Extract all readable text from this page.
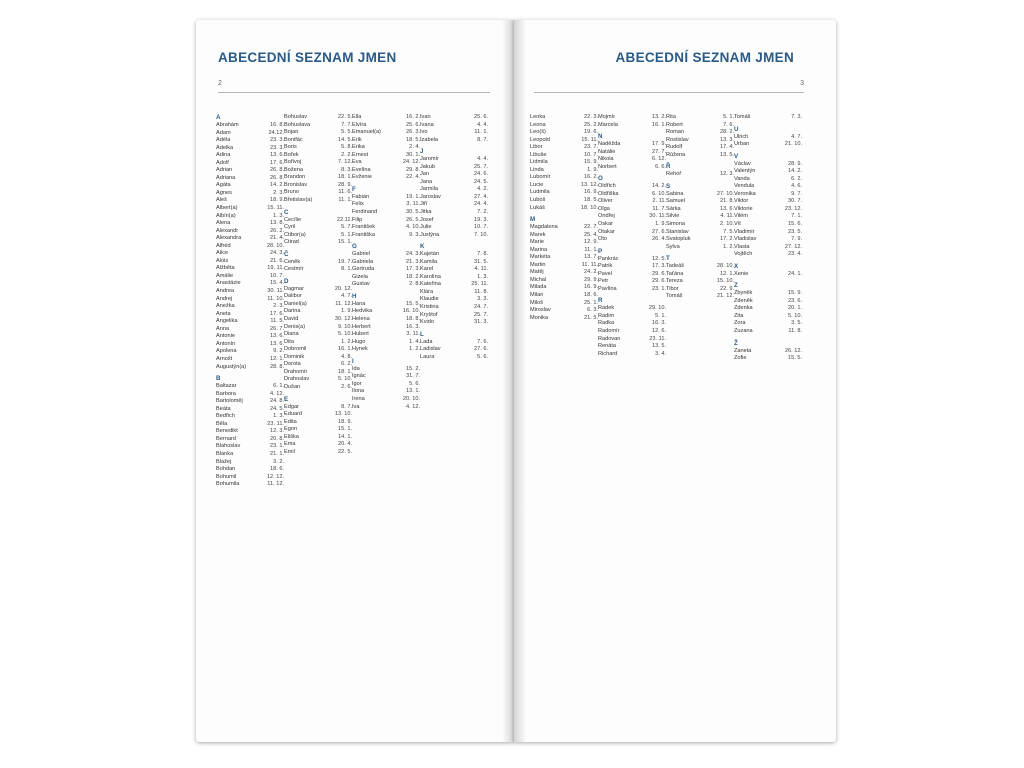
ABECEDNÍ SEZNAM JMEN
2
A
Abrahám	16. 8.
Adam	24.12.
Adéla	23. 3.
Adelka	23. 3.
Adina	13. 6.
Adolf	17. 6.
Adrian	26. 8.
Adriana	26. 8.
Agáta	14. 2.
Agnes	2. 3.
Aleš	18. 9.
Albert(a)	15. 11.
Albín(a)	1. 3.
Alena	13. 8.
Alexandr	26. 2.
Alexandra	21. 4.
Alfréd	28. 10.
Alice	24. 3.
Alois	21. 6.
Alžběta	19. 11.
Amálie	10. 7.
Anastázie	15. 4.
Andrea	30. 11.
Andrej	11. 10.
Anežka	2. 3.
Aneta	17. 6.
Angelika	11. 5.
Anna	26. 7.
Antonie	13. 6.
Antonín	13. 6.
Apolena	9. 2.
Arnošt	12. 1.
Augustýn(a)	28. 8.
B
Baltazar	6. 1.
Barbora	4. 12.
Bartoloměj	24. 8.
Beáta	24. 5.
Bedřich	1. 3.
Běla	23. 11.
Benedikt	12. 3.
Bernard	20. 8.
Blahoslav	23. 1.
Blanka	21. 1.
Blažej	3. 2.
Bohdan	18. 6.
Bohumil	12. 12.
Bohumila	11. 12.
Bohuslav	22. 5.
Bohuslava	7. 7.
Bojan	5. 5.
Bonifác	14. 5.
Boris	5. 8.
Bořek	2. 2.
Bořivoj	7. 12.
Božena	8. 3.
Brandon	18. 1.
Bronislav	28. 9.
Bruno	11. 6.
Břetislav(a)	11. 1.
C
Cecílie	22.11.
Cyril	5. 7.
Ctibor(a)	5. 1.
Ctirad	15. 1.
Č
Čeněk	19. 7.
Čestmír	8. 1.
D
Dagmar	20. 12.
Dalibor	4. 7.
Daniel(a)	11. 12.
Darina	1. 9.
David	30. 12.
Denis(a)	9. 10.
Diana	5. 10.
Dita	1. 2.
Dobromil	16. 1.
Dominik	4. 8.
Dorota	6. 2.
Drahomír	18. 1.
Drahoslav	5. 10.
Dušan	2. 6.
E
Edgar	8. 7.
Eduard	13. 10.
Edita	18. 9.
Egon	15. 1.
Eliška	14. 1.
Ema	20. 4.
Emil	22. 5.
Ella	16. 2.
Elvíra	25. 6.
Emanuel(a)	26. 3.
Erik	18. 5.
Erika	2. 4.
Ernest	30. 1.
Eva	24. 12.
Evelína	29. 8.
Evženie	22. 4.
F
Fabián	19. 1.
Felix	3. 11.
Ferdinand	30. 5.
Filip	26. 5.
František	4. 10.
Františka	9. 3.
G
Gabriel	24. 3.
Gabriela	21. 3.
Gertruda	17. 3.
Gizela	18. 2.
Gustav	2. 8.
H
Hana	15. 5.
Hedvika	16. 10.
Helena	18. 8.
Herbert	16. 3.
Hubert	3. 11.
Hugo	1. 4.
Hynek	1. 2.
I
Ida	15. 2.
Ignác	31. 7.
Igor	5. 6.
Ilona	13. 1.
Irena	20. 10.
Iva	4. 12.
Ivan	25. 6.
Ivana	4. 4.
Ivo	11. 1.
Izabela	8. 7.
J
Jaromír	4. 4.
Jakub	25. 7.
Jan	24. 6.
Jana	24. 5.
Jarmila	4. 2.
Jaroslav	27. 4.
Jiří	24. 4.
Jitka	7. 2.
Josef	19. 3.
Julie	10. 7.
Justýna	7. 10.
K
Kajetán	7. 8.
Kamila	31. 5.
Karel	4. 11.
Karolína	1. 3.
Kateřina	25. 11.
Klára	11. 8.
Klaudie	3. 3.
Kristina	24. 7.
Kryštof	25. 7.
Kvido	31. 3.
L
Lada	7. 6.
Ladislav	27. 6.
Laura	5. 6.
ABECEDNÍ SEZNAM JMEN
3
Lenka	22. 3.
Leona	25. 2.
Leo(š)	19. 6.
Leopold	15. 11.
Libor	23. 7.
Libuše	10. 7.
Lidmila	15. 9.
Linda	1. 9.
Lubomír	16. 2.
Lucie	13. 12.
Ludmila	16. 9.
Luboš	18. 5.
Lukáš	18. 10.
M
Magdalena	22. 7.
Marek	25. 4.
Marie	12. 9.
Marina	11. 1.
Markéta	13. 7.
Martin	11. 11.
Matěj	24. 2.
Michal	29. 9.
Milada	16. 9.
Milan	18. 6.
Miloš	25. 1.
Miroslav	6. 3.
Monika	21. 5.
Mojmír	13. 2.
Marcela	16. 1.
N
Naděžda	17. 9.
Natálie	27. 7.
Nikola	6. 12.
Norbert	6. 6.
O
Oldřich	14. 2.
Oldřiška	6. 10.
Oliver	2. 11.
Olga	11. 7.
Ondřej	30. 11.
Oskar	1. 9.
Otakar	27. 6.
Oto	26. 4.
P
Pankrác	12. 5.
Patrik	17. 3.
Pavel	29. 6.
Petr	29. 6.
Pavlína	23. 1.
R
Radek	29. 10.
Radim	5. 1.
Radka	16. 3.
Radomír	12. 6.
Radovan	23. 11.
Renáta	13. 5.
Richard	3. 4.
Rita	5. 1.
Robert	7. 6.
Roman	28. 2.
Rostislav	13. 3.
Rudolf	17. 4.
Růžena	13. 5.
Ř
Řehoř	12. 3.
S
Sabina	27. 10.
Samuel	21. 8.
Šárka	13. 6.
Silvie	4. 11.
Simona	2. 10.
Stanislav	7. 5.
Svatopluk	17. 2.
Sylva	1. 2.
T
Tadeáš	28. 10.
Taťána	12. 1.
Tereza	15. 10.
Tibor	22. 9.
Tomáš	21. 12.
Tomáš	7. 3.
U
Ulrich	4. 7.
Urban	21. 10.
V
Václav	28. 9.
Valentýn	14. 2.
Vanda	6. 2.
Vendula	4. 6.
Veronika	9. 7.
Viktor	30. 7.
Viktorie	23. 12.
Vilém	7. 1.
Vít	15. 6.
Vladimír	23. 5.
Vladislav	7. 9.
Vlasta	27. 12.
Vojtěch	23. 4.
X
Xenie	24. 1.
Z
Zbyněk	15. 9.
Zdeněk	23. 6.
Zdenka	20. 1.
Zita	5. 10.
Zora	3. 5.
Zuzana	11. 8.
Ž
Žaneta	26. 12.
Žofie	15. 5.
